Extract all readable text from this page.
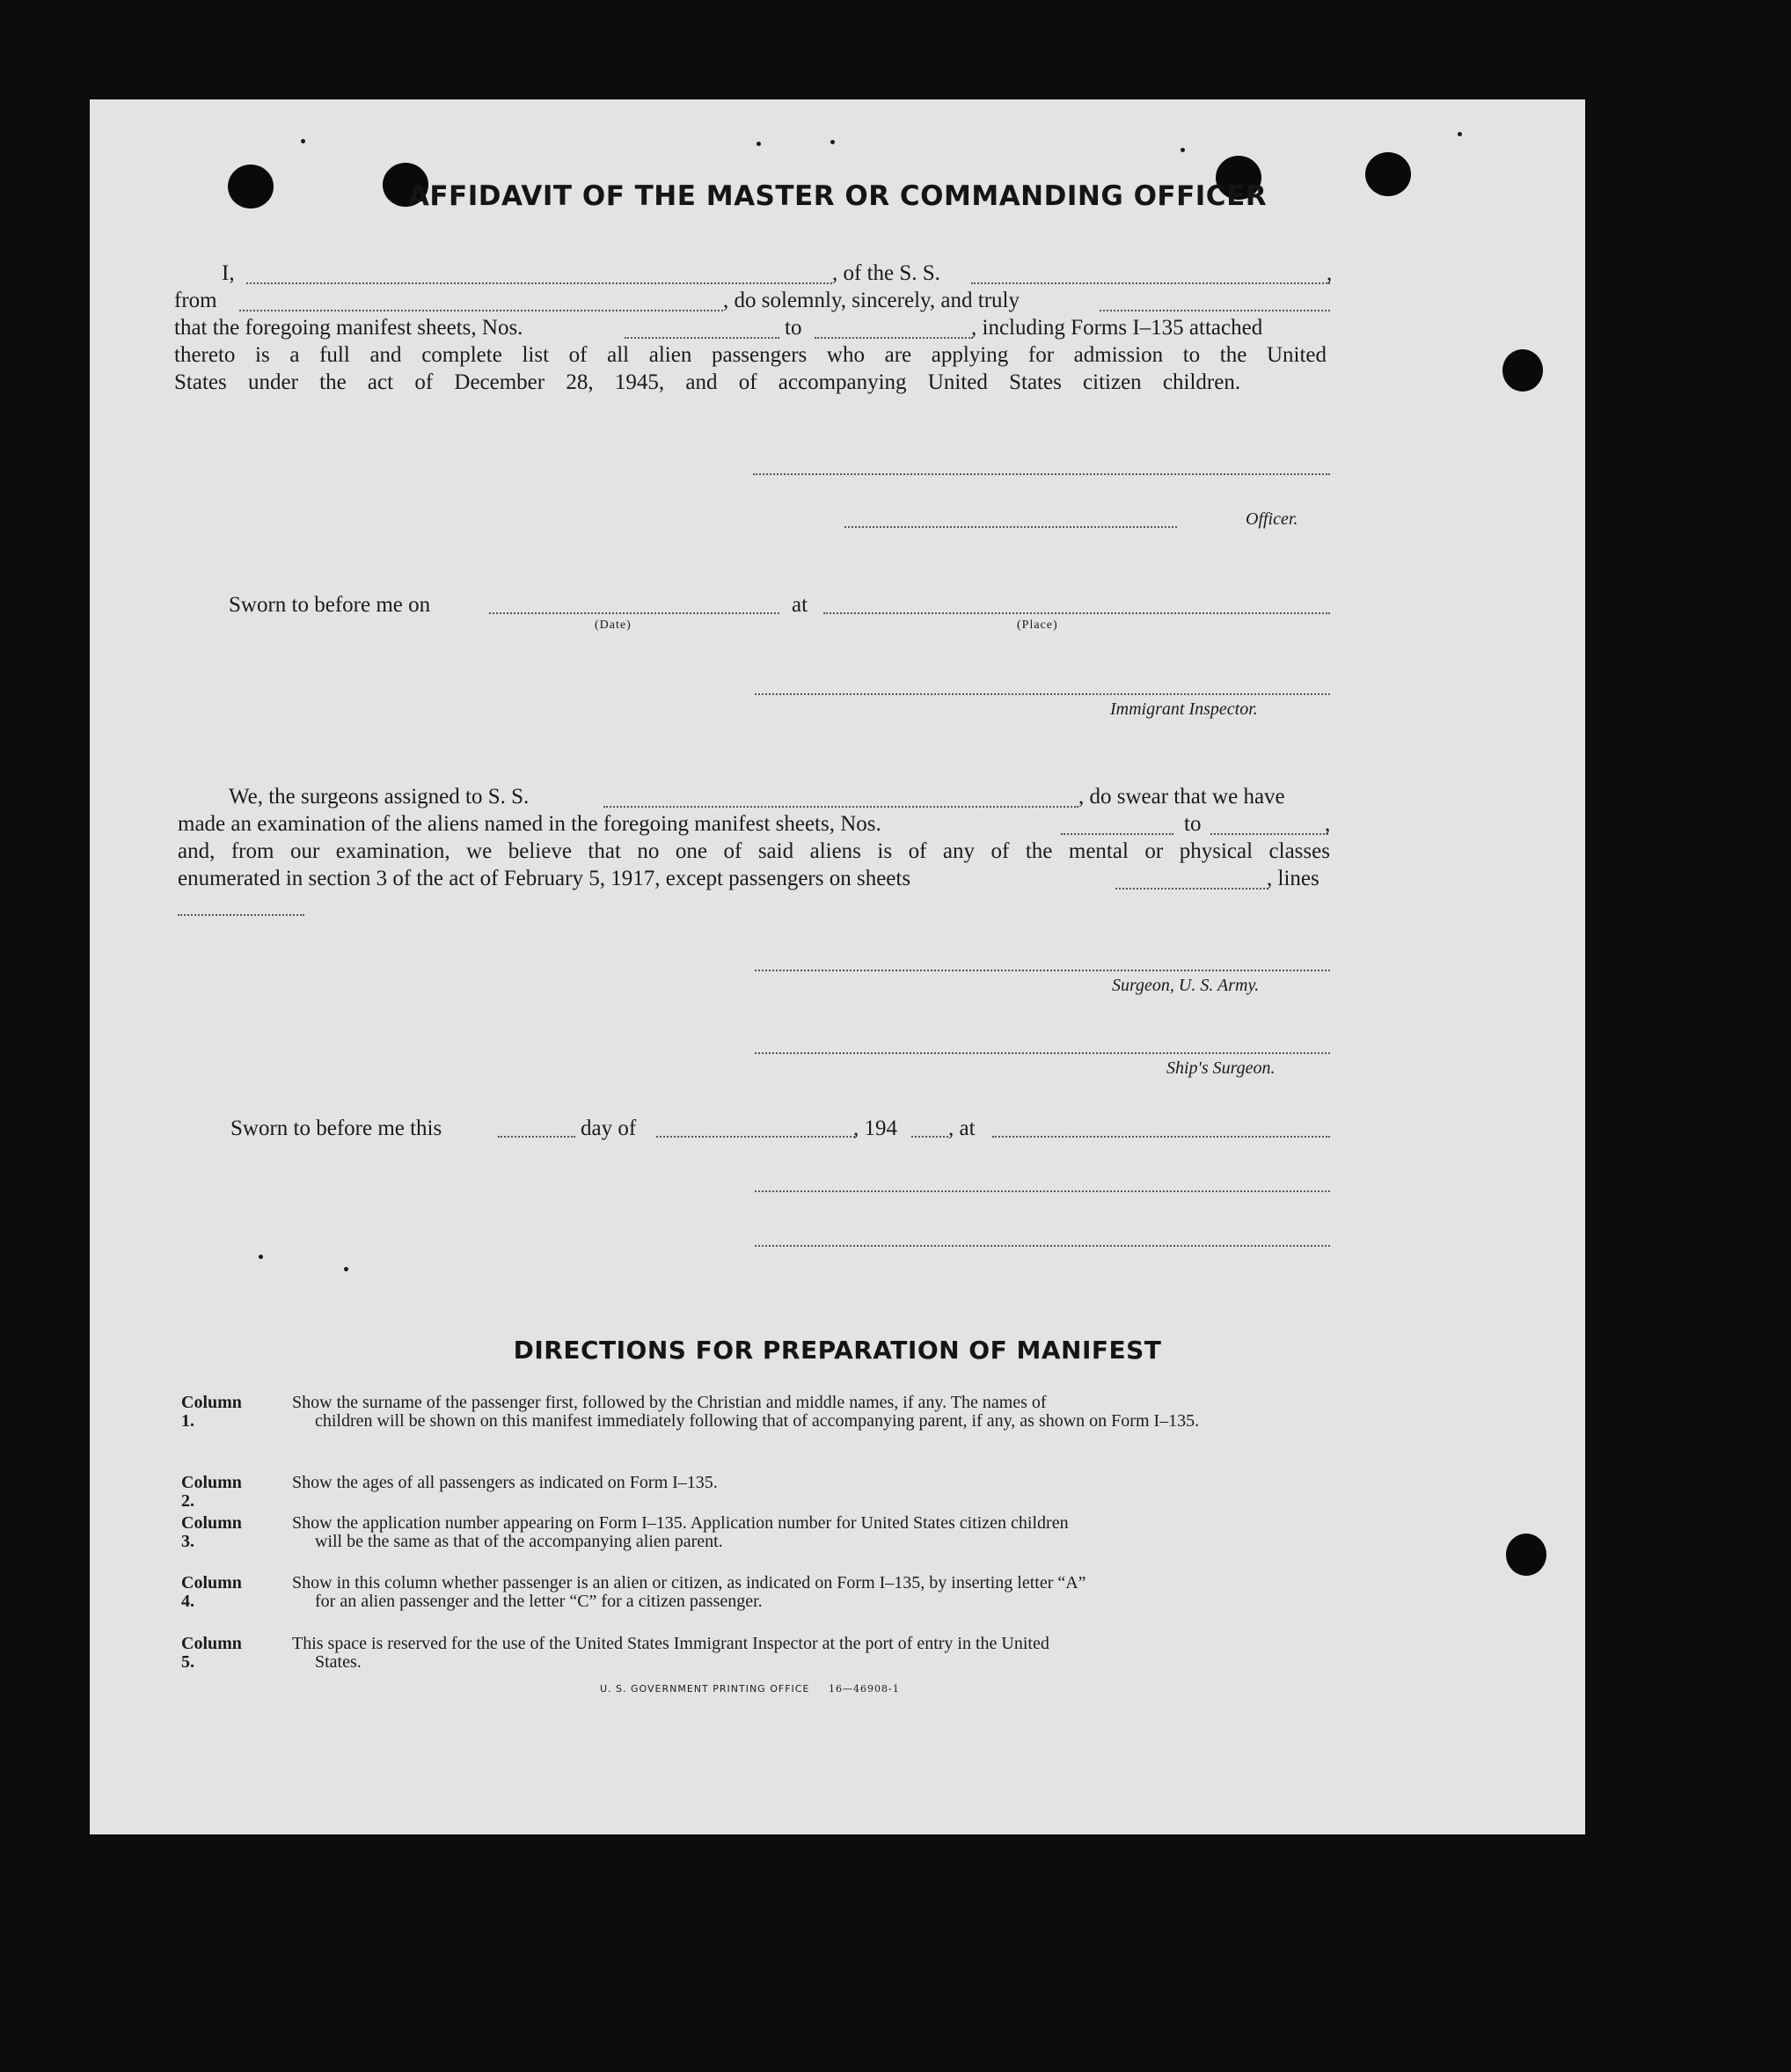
AFFIDAVIT OF THE MASTER OR COMMANDING OFFICER
I,	, of the S. S.	,
from	, do solemnly, sincerely, and truly
that the foregoing manifest sheets, Nos.	to	, including Forms I–135 attached
thereto is a full and complete list of all alien passengers who are applying for admission to the United
States under the act of December 28, 1945, and of accompanying United States citizen children.
Officer.
Sworn to before me on
(Date)
at
(Place)
Immigrant Inspector.
We, the surgeons assigned to S. S.	, do swear that we have
made an examination of the aliens named in the foregoing manifest sheets, Nos.	to	,
and, from our examination, we believe that no one of said aliens is of any of the mental or physical classes
enumerated in section 3 of the act of February 5, 1917, except passengers on sheets	, lines
Surgeon, U. S. Army.
Ship's Surgeon.
Sworn to before me this	day of	, 194 , at
DIRECTIONS FOR PREPARATION OF MANIFEST
Column 1.
Show the surname of the passenger first, followed by the Christian and middle names, if any. The names of
children will be shown on this manifest immediately following that of accompanying parent, if any, as shown on Form I–135.
Column 2.
Show the ages of all passengers as indicated on Form I–135.
Column 3.
Show the application number appearing on Form I–135. Application number for United States citizen children
will be the same as that of the accompanying alien parent.
Column 4.
Show in this column whether passenger is an alien or citizen, as indicated on Form I–135, by inserting letter “A”
for an alien passenger and the letter “C” for a citizen passenger.
Column 5.
This space is reserved for the use of the United States Immigrant Inspector at the port of entry in the United
States.
U. S. GOVERNMENT PRINTING OFFICE 16—46908-1
